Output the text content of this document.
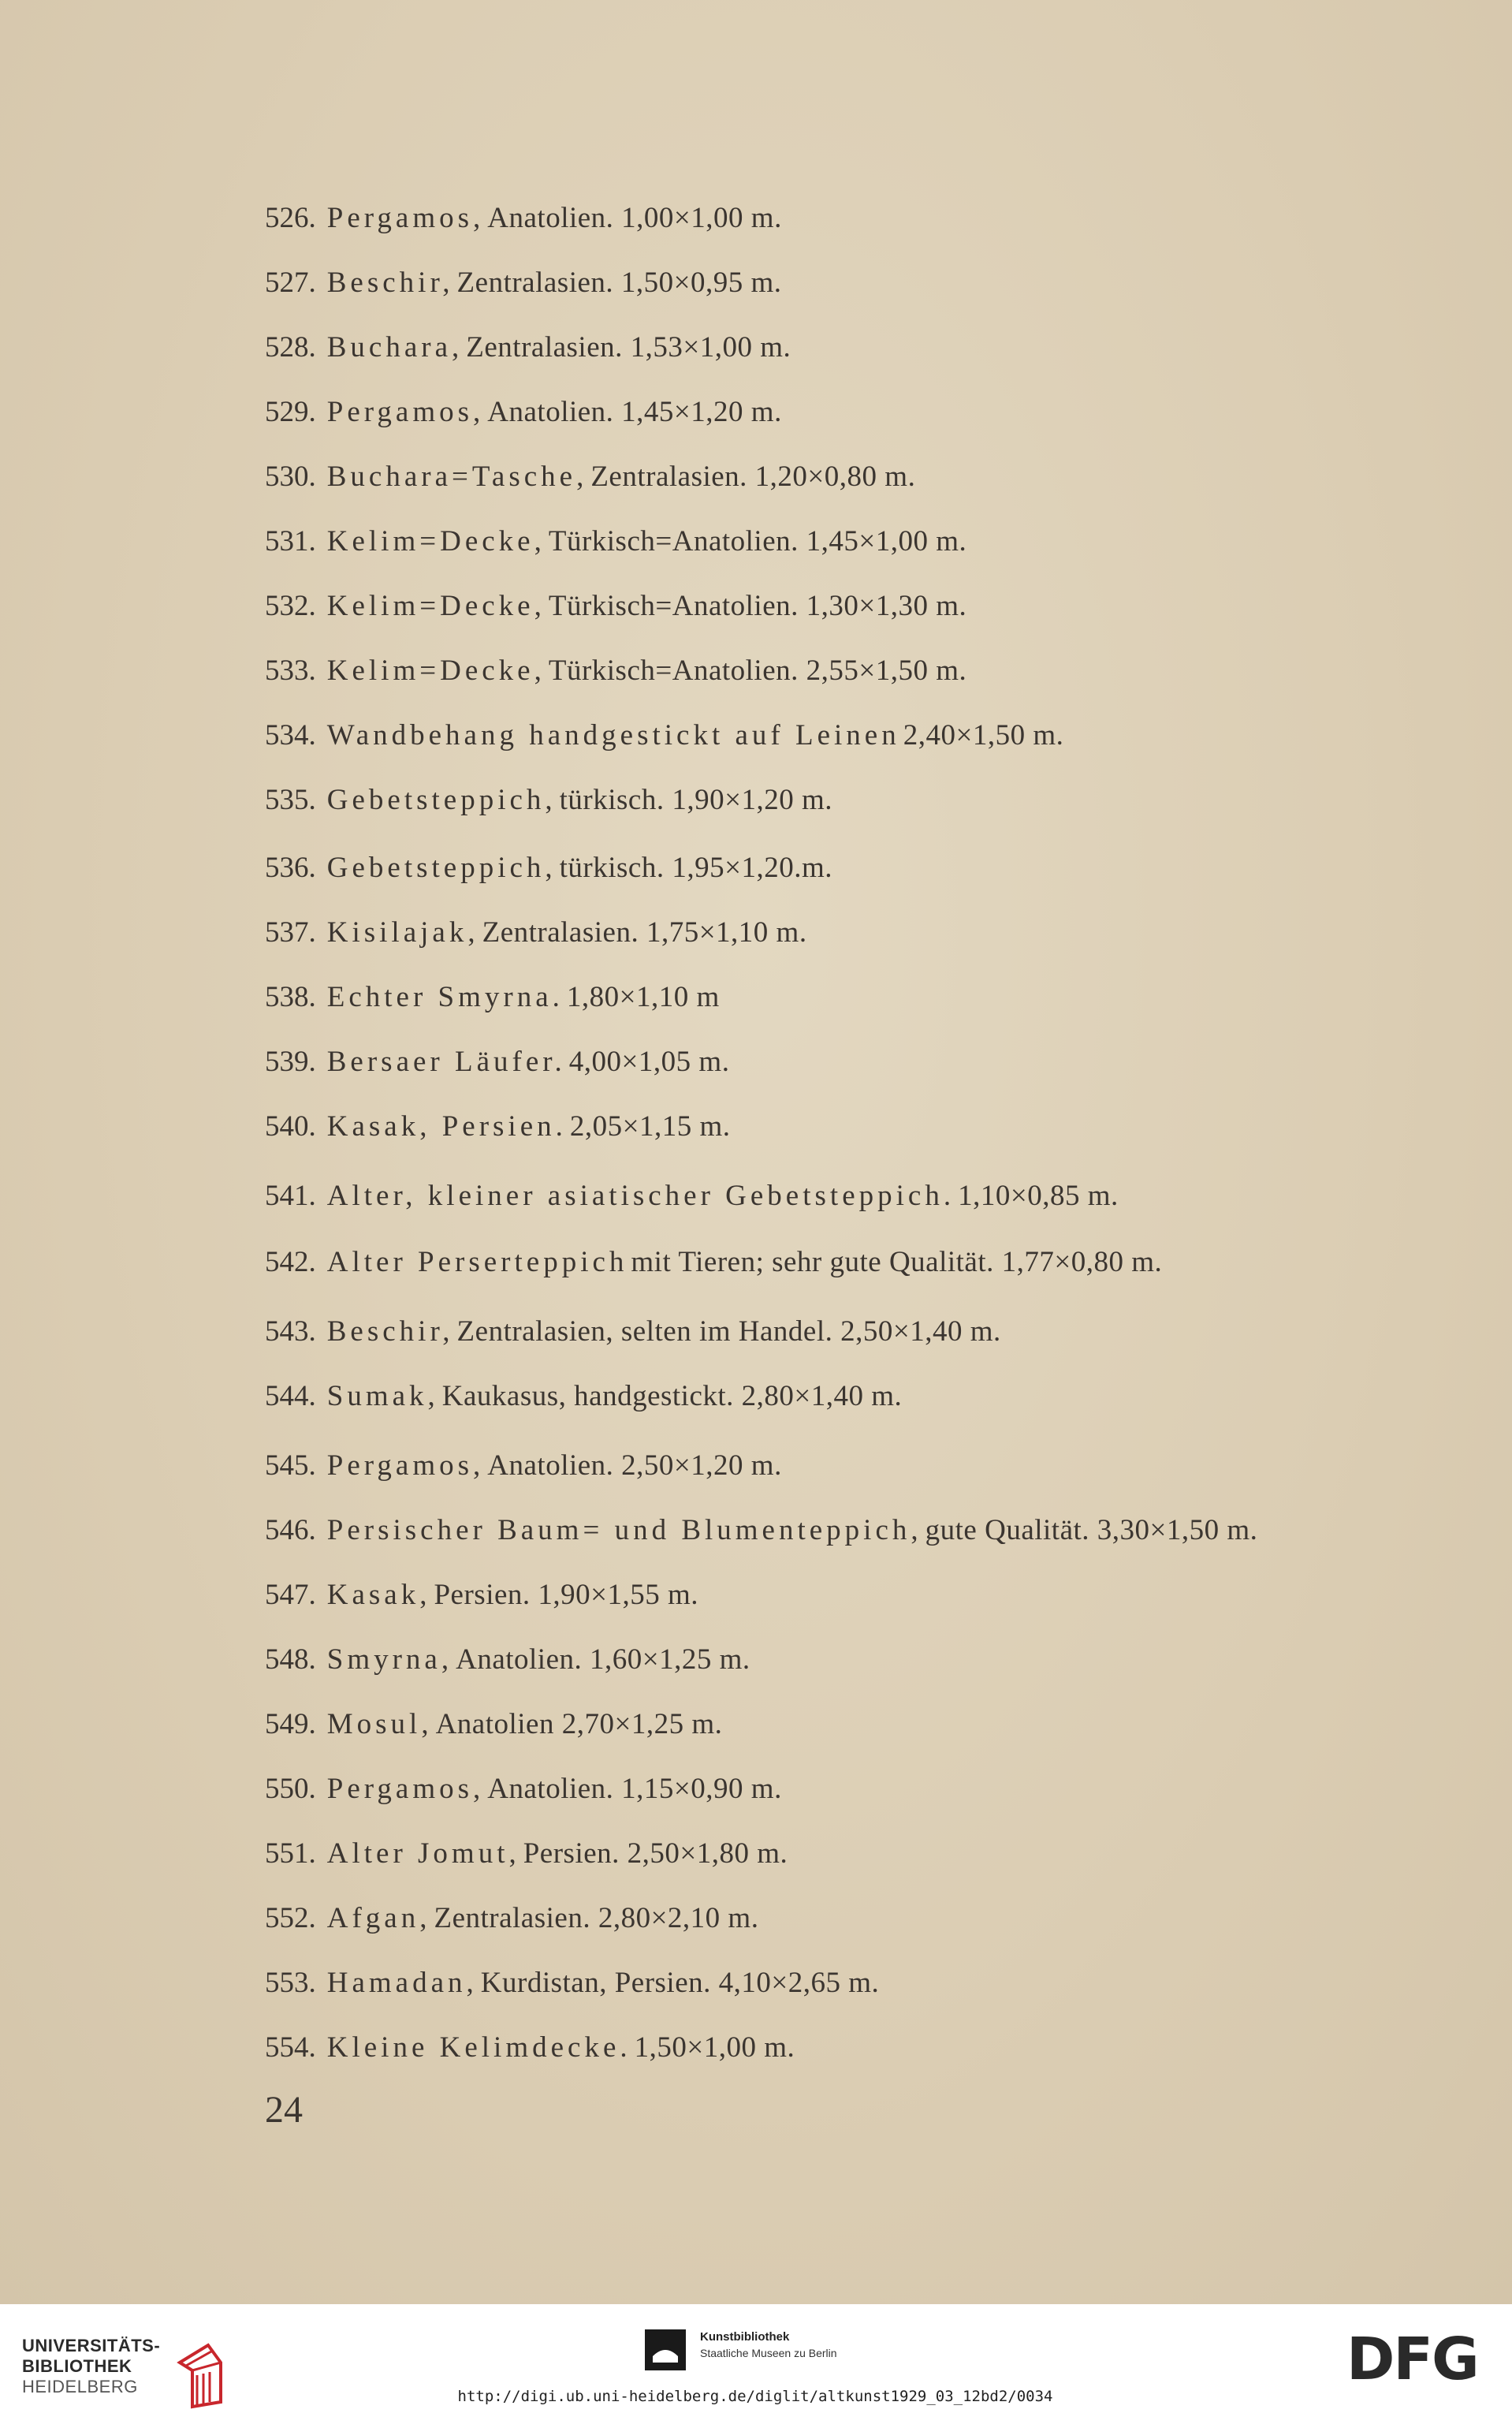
526. Pergamos, Anatolien. 1,00×1,00 m.
527. Beschir, Zentralasien. 1,50×0,95 m.
528. Buchara, Zentralasien. 1,53×1,00 m.
529. Pergamos, Anatolien. 1,45×1,20 m.
530. Buchara=Tasche, Zentralasien. 1,20×0,80 m.
531. Kelim=Decke, Türkisch=Anatolien. 1,45×1,00 m.
532. Kelim=Decke, Türkisch=Anatolien. 1,30×1,30 m.
533. Kelim=Decke, Türkisch=Anatolien. 2,55×1,50 m.
534. Wandbehang handgestickt auf Leinen 2,40×1,50 m.
535. Gebetsteppich, türkisch. 1,90×1,20 m.
536. Gebetsteppich, türkisch. 1,95×1,20.m.
537. Kisilajak, Zentralasien. 1,75×1,10 m.
538. Echter Smyrna. 1,80×1,10 m
539. Bersaer Läufer. 4,00×1,05 m.
540. Kasak, Persien. 2,05×1,15 m.
541. Alter, kleiner asiatischer Gebetsteppich. 1,10×0,85 m.
542. Alter Perserteppich mit Tieren; sehr gute Qualität. 1,77×0,80 m.
543. Beschir, Zentralasien, selten im Handel. 2,50×1,40 m.
544. Sumak, Kaukasus, handgestickt. 2,80×1,40 m.
545. Pergamos, Anatolien. 2,50×1,20 m.
546. Persischer Baum= und Blumenteppich, gute Qualität. 3,30×1,50 m.
547. Kasak, Persien. 1,90×1,55 m.
548. Smyrna, Anatolien. 1,60×1,25 m.
549. Mosul, Anatolien 2,70×1,25 m.
550. Pergamos, Anatolien. 1,15×0,90 m.
551. Alter Jomut, Persien. 2,50×1,80 m.
552. Afgan, Zentralasien. 2,80×2,10 m.
553. Hamadan, Kurdistan, Persien. 4,10×2,65 m.
554. Kleine Kelimdecke. 1,50×1,00 m.
24
UNIVERSITÄTS-
BIBLIOTHEK
HEIDELBERG
Kunstbibliothek
Staatliche Museen zu Berlin	DFG
http://digi.ub.uni-heidelberg.de/diglit/altkunst1929_03_12bd2/0034
